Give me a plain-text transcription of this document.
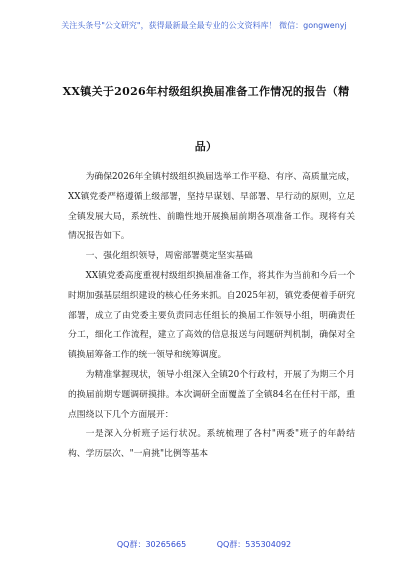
关注头条号"公文研究"，获得最新最全最专业的公文资料库！ 微信：gongwenyj
XX镇关于2026年村级组织换届准备工作情况的报告（精
品）

为确保2026年全镇村级组织换届选举工作平稳、有序、高质量完成，XX镇党委严格遵循上级部署，坚持早谋划、早部署、早行动的原则，立足全镇发展大局，系统性、前瞻性地开展换届前期各项准备工作。现将有关情况报告如下。

一、强化组织领导，周密部署奠定坚实基础

XX镇党委高度重视村级组织换届准备工作，将其作为当前和今后一个时期加强基层组织建设的核心任务来抓。自2025年初，镇党委便着手研究部署，成立了由党委主要负责同志任组长的换届工作领导小组，明确责任分工，细化工作流程，建立了高效的信息报送与问题研判机制，确保对全镇换届筹备工作的统一领导和统筹调度。

为精准掌握现状，领导小组深入全镇20个行政村，开展了为期三个月的换届前期专题调研摸排。本次调研全面覆盖了全镇84名在任村干部，重点围绕以下几个方面展开：

一是深入分析班子运行状况。系统梳理了各村"两委"班子的年龄结构、学历层次、"一肩挑"比例等基本

QQ群：30265665	QQ群：535304092
